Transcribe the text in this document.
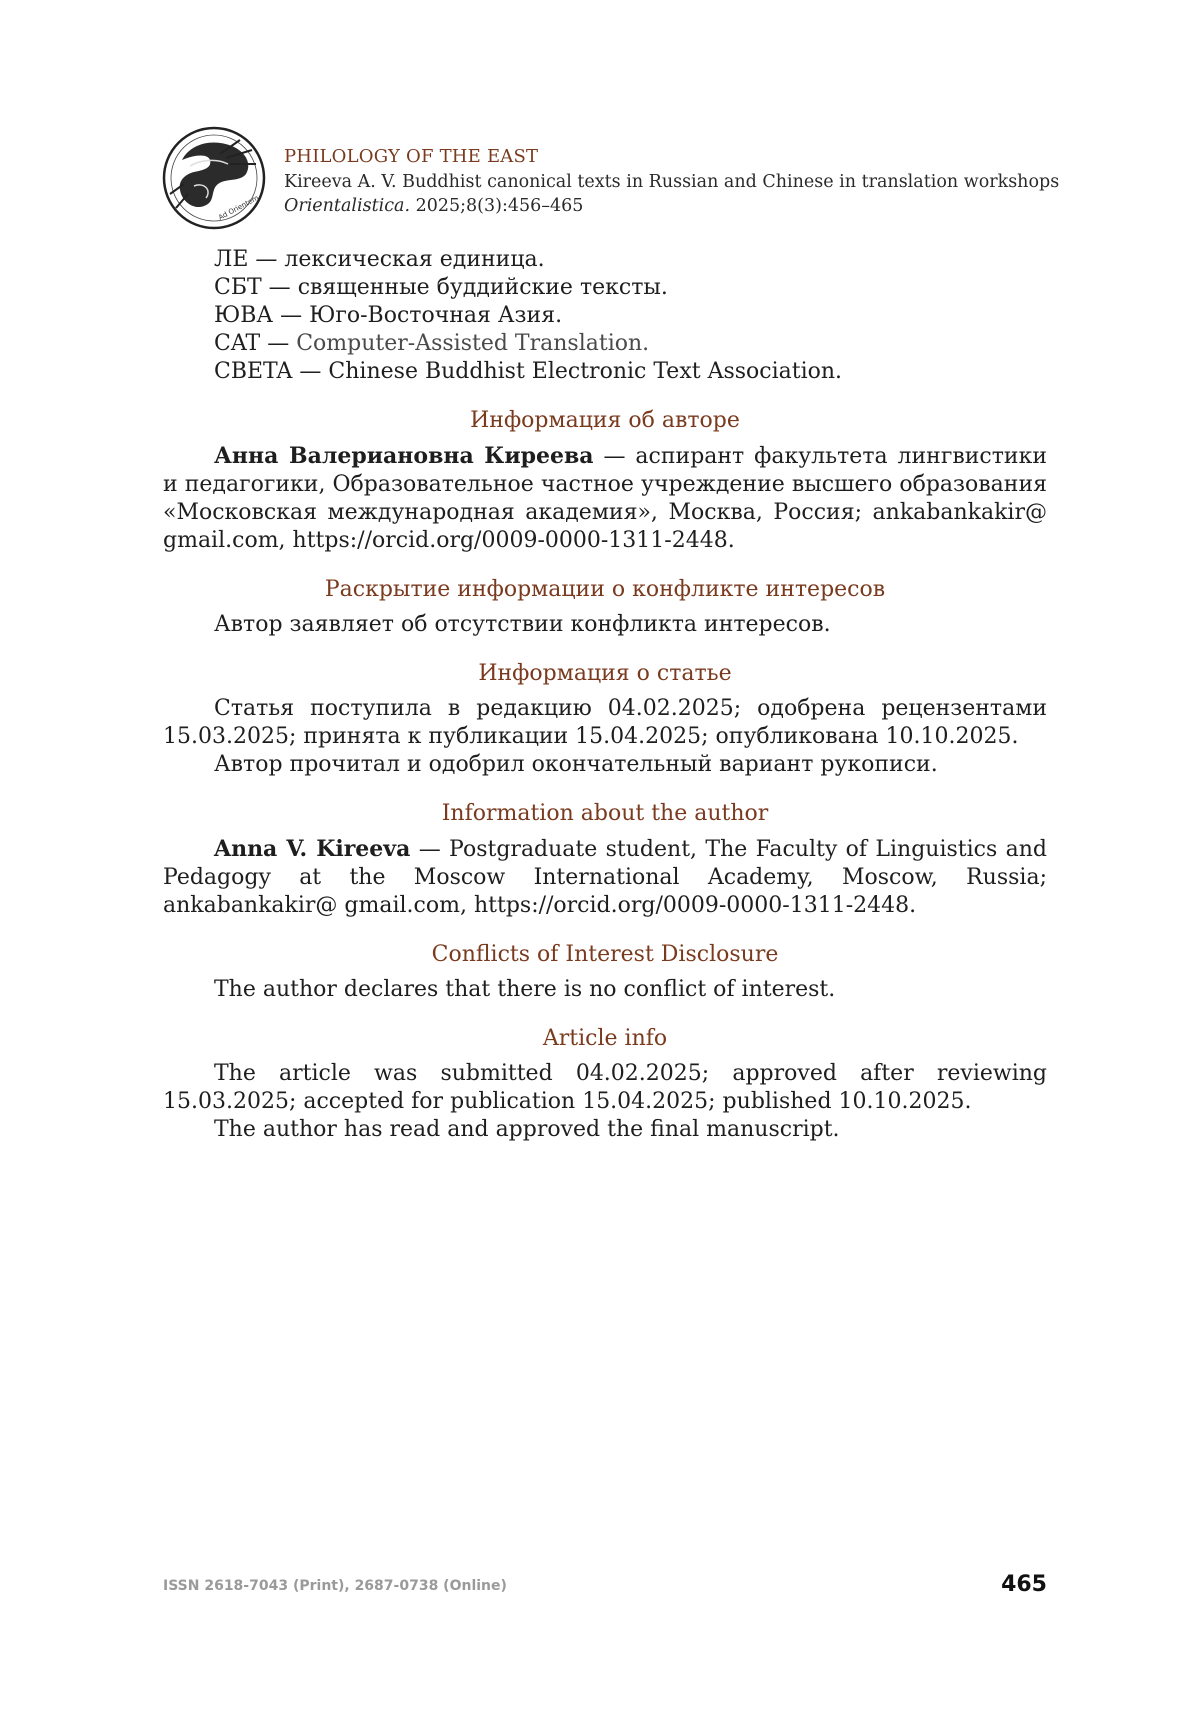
Ad Orientem
PHILOLOGY OF THE EAST
Kireeva A. V. Buddhist canonical texts in Russian and Chinese in translation workshops
Orientalistica. 2025;8(3):456–465

ЛЕ — лексическая единица.

СБТ — священные буддийские тексты.

ЮВА — Юго-Восточная Азия.

CAT — Computer-Assisted Translation.

CBETA — Chinese Buddhist Electronic Text Association.

Информация об авторе

Анна Валериановна Киреева — аспирант факультета лингвистики и педагогики, Образовательное частное учреждение высшего образования «Московская международная академия», Москва, Россия; ankabankakir@ gmail.com, https://orcid.org/0009-0000-1311-2448.

Раскрытие информации о конфликте интересов

Автор заявляет об отсутствии конфликта интересов.

Информация о статье

Статья поступила в редакцию 04.02.2025; одобрена рецензентами 15.03.2025; принята к публикации 15.04.2025; опубликована 10.10.2025.

Автор прочитал и одобрил окончательный вариант рукописи.

Information about the author

Anna V. Kireeva — Postgraduate student, The Faculty of Linguistics and Pedagogy at the Moscow International Academy, Moscow, Russia; ankabankakir@ gmail.com, https://orcid.org/0009-0000-1311-2448.

Conflicts of Interest Disclosure

The author declares that there is no conflict of interest.

Article info

The article was submitted 04.02.2025; approved after reviewing 15.03.2025; accepted for publication 15.04.2025; published 10.10.2025.

The author has read and approved the final manuscript.

ISSN 2618-7043 (Print), 2687-0738 (Online)	465
